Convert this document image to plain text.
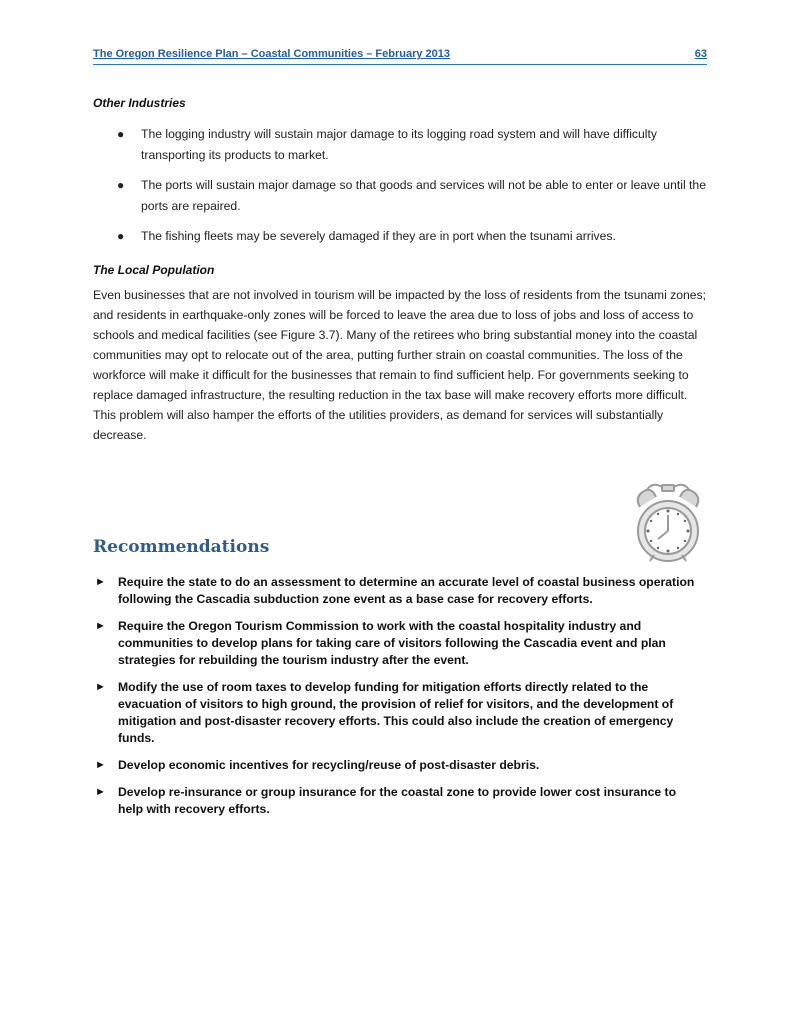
The Oregon Resilience Plan – Coastal Communities – February 2013	63
Other Industries
● The logging industry will sustain major damage to its logging road system and will have difficulty transporting its products to market.
● The ports will sustain major damage so that goods and services will not be able to enter or leave until the ports are repaired.
● The fishing fleets may be severely damaged if they are in port when the tsunami arrives.
The Local Population
Even businesses that are not involved in tourism will be impacted by the loss of residents from the tsunami zones; and residents in earthquake-only zones will be forced to leave the area due to loss of jobs and loss of access to schools and medical facilities (see Figure 3.7). Many of the retirees who bring substantial money into the coastal communities may opt to relocate out of the area, putting further strain on coastal communities. The loss of the workforce will make it difficult for the businesses that remain to find sufficient help. For governments seeking to replace damaged infrastructure, the resulting reduction in the tax base will make recovery efforts more difficult. This problem will also hamper the efforts of the utilities providers, as demand for services will substantially decrease.
Recommendations
► Require the state to do an assessment to determine an accurate level of coastal business operation following the Cascadia subduction zone event as a base case for recovery efforts.
► Require the Oregon Tourism Commission to work with the coastal hospitality industry and communities to develop plans for taking care of visitors following the Cascadia event and plan strategies for rebuilding the tourism industry after the event.
► Modify the use of room taxes to develop funding for mitigation efforts directly related to the evacuation of visitors to high ground, the provision of relief for visitors, and the development of mitigation and post-disaster recovery efforts. This could also include the creation of emergency funds.
► Develop economic incentives for recycling/reuse of post-disaster debris.
► Develop re-insurance or group insurance for the coastal zone to provide lower cost insurance to help with recovery efforts.
